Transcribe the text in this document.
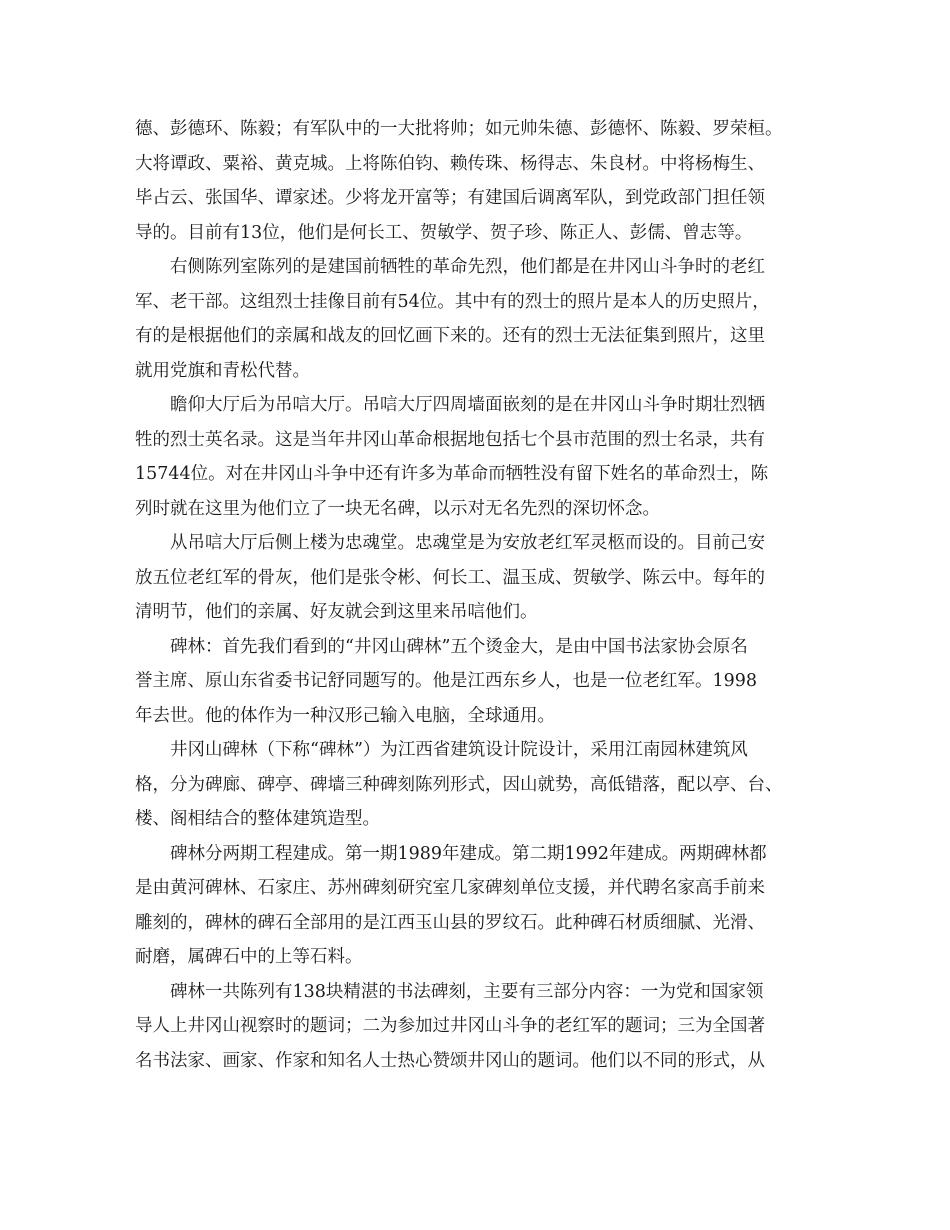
德、彭德环、陈毅；有军队中的一大批将帅；如元帅朱德、彭德怀、陈毅、罗荣桓。
大将谭政、粟裕、黄克城。上将陈伯钧、赖传珠、杨得志、朱良材。中将杨梅生、
毕占云、张国华、谭家述。少将龙开富等；有建国后调离军队，到党政部门担任领
导的。目前有13位，他们是何长工、贺敏学、贺子珍、陈正人、彭儒、曾志等。
右侧陈列室陈列的是建国前牺牲的革命先烈，他们都是在井冈山斗争时的老红
军、老干部。这组烈士挂像目前有54位。其中有的烈士的照片是本人的历史照片，
有的是根据他们的亲属和战友的回忆画下来的。还有的烈士无法征集到照片，这里
就用党旗和青松代替。
瞻仰大厅后为吊唁大厅。吊唁大厅四周墙面嵌刻的是在井冈山斗争时期壮烈牺
牲的烈士英名录。这是当年井冈山革命根据地包括七个县市范围的烈士名录，共有
15744位。对在井冈山斗争中还有许多为革命而牺牲没有留下姓名的革命烈士，陈
列时就在这里为他们立了一块无名碑，以示对无名先烈的深切怀念。
从吊唁大厅后侧上楼为忠魂堂。忠魂堂是为安放老红军灵柩而设的。目前己安
放五位老红军的骨灰，他们是张令彬、何长工、温玉成、贺敏学、陈云中。每年的
清明节，他们的亲属、好友就会到这里来吊唁他们。
碑林：首先我们看到的“井冈山碑林”五个烫金大，是由中国书法家协会原名
誉主席、原山东省委书记舒同题写的。他是江西东乡人，也是一位老红军。1998
年去世。他的体作为一种汉形己输入电脑，全球通用。
井冈山碑林（下称“碑林”）为江西省建筑设计院设计，采用江南园林建筑风
格，分为碑廊、碑亭、碑墙三种碑刻陈列形式，因山就势，高低错落，配以亭、台、
楼、阁相结合的整体建筑造型。
碑林分两期工程建成。第一期1989年建成。第二期1992年建成。两期碑林都
是由黄河碑林、石家庄、苏州碑刻研究室几家碑刻单位支援，并代聘名家高手前来
雕刻的，碑林的碑石全部用的是江西玉山县的罗纹石。此种碑石材质细腻、光滑、
耐磨，属碑石中的上等石料。
碑林一共陈列有138块精湛的书法碑刻，主要有三部分内容：一为党和国家领
导人上井冈山视察时的题词；二为参加过井冈山斗争的老红军的题词；三为全国著
名书法家、画家、作家和知名人士热心赞颂井冈山的题词。他们以不同的形式，从
